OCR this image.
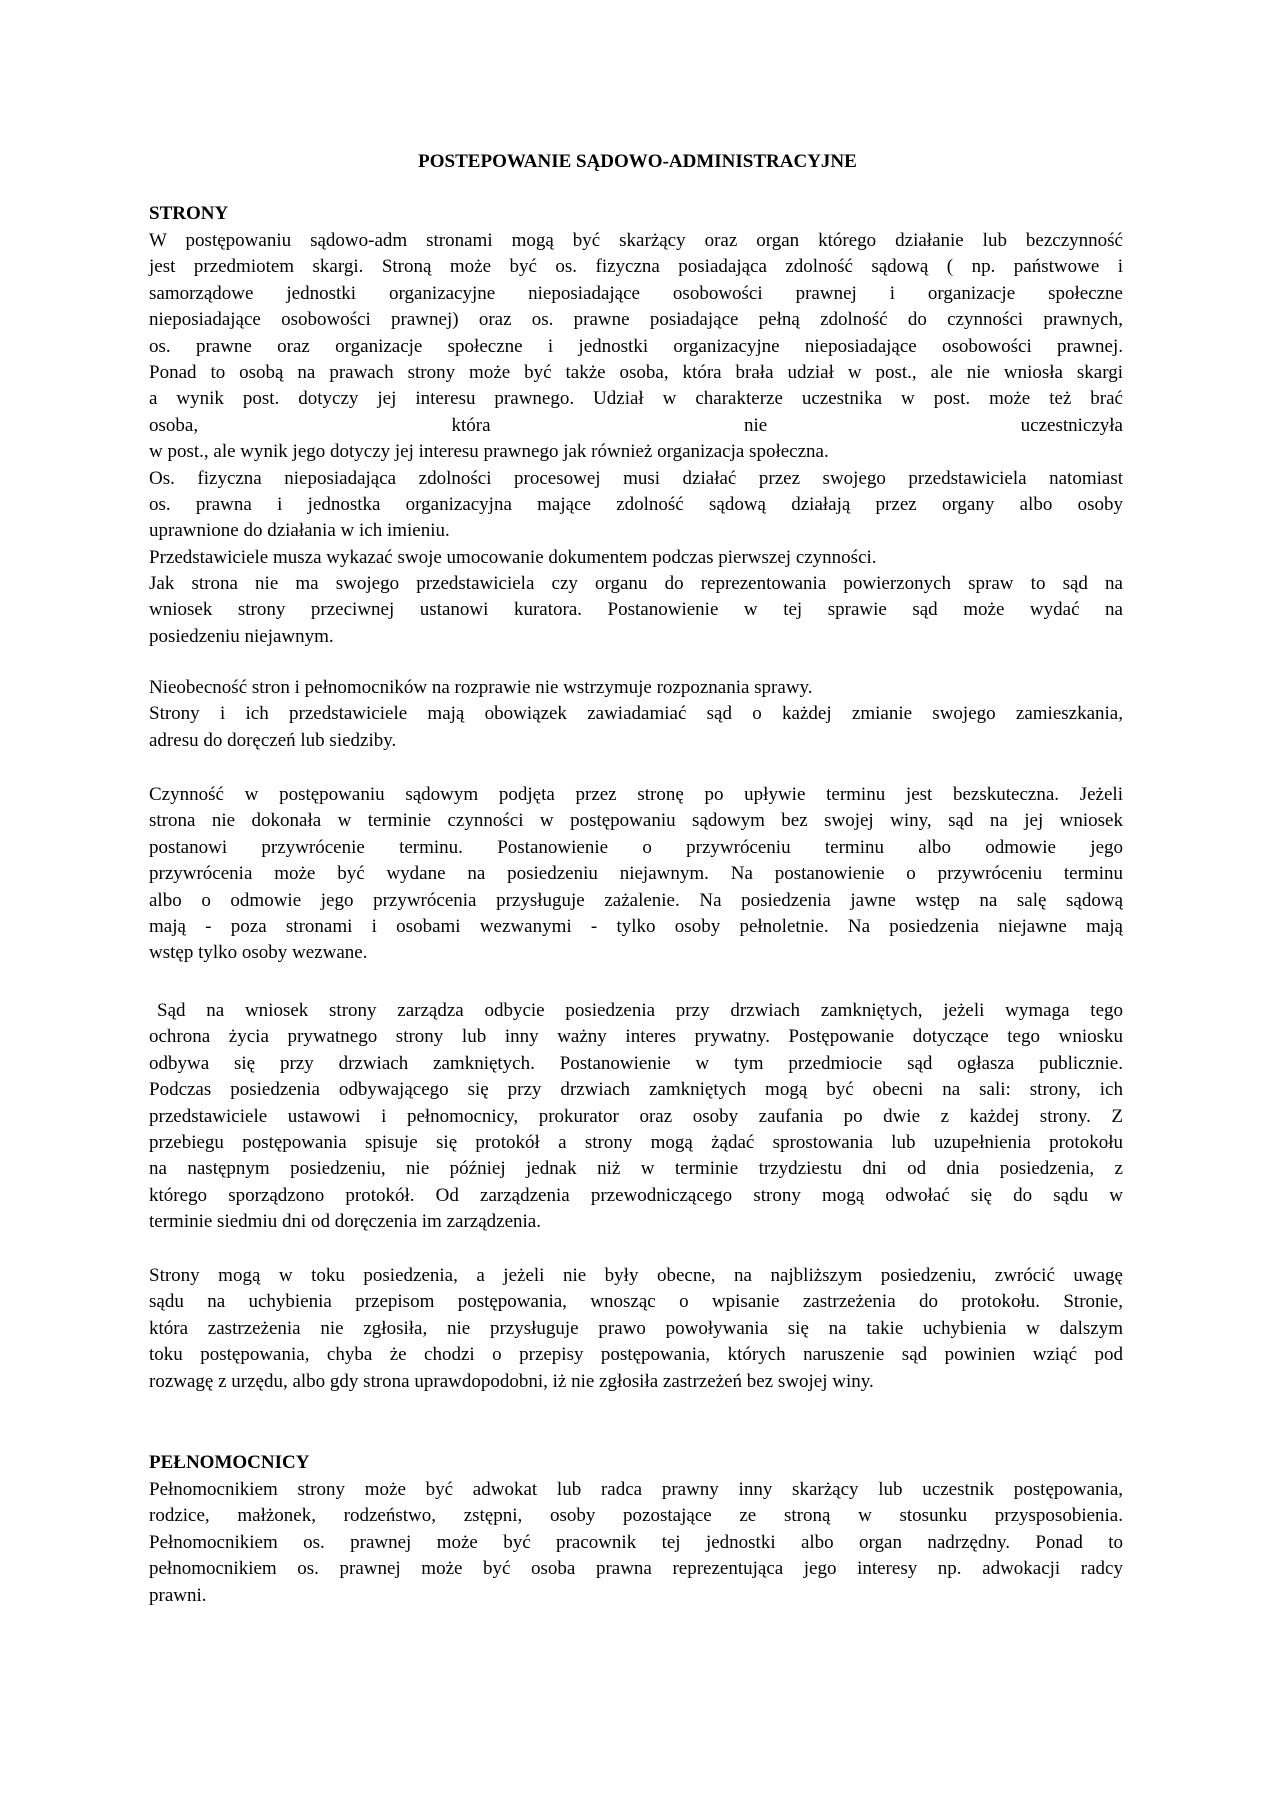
POSTEPOWANIE SĄDOWO-ADMINISTRACYJNE
STRONY
W postępowaniu sądowo-adm stronami mogą być skarżący oraz organ którego działanie lub bezczynność
jest przedmiotem skargi. Stroną może być os. fizyczna posiadająca zdolność sądową ( np. państwowe i
samorządowe jednostki organizacyjne nieposiadające osobowości prawnej i organizacje społeczne
nieposiadające osobowości prawnej) oraz os. prawne posiadające pełną zdolność do czynności prawnych,
os. prawne oraz organizacje społeczne i jednostki organizacyjne nieposiadające osobowości prawnej.
Ponad to osobą na prawach strony może być także osoba, która brała udział w post., ale nie wniosła skargi
a wynik post. dotyczy jej interesu prawnego. Udział w charakterze uczestnika w post. może też brać
osoba, która nie uczestniczyła
w post., ale wynik jego dotyczy jej interesu prawnego jak również organizacja społeczna.
Os. fizyczna nieposiadająca zdolności procesowej musi działać przez swojego przedstawiciela natomiast
os. prawna i jednostka organizacyjna mające zdolność sądową działają przez organy albo osoby
uprawnione do działania w ich imieniu.
Przedstawiciele musza wykazać swoje umocowanie dokumentem podczas pierwszej czynności.
Jak strona nie ma swojego przedstawiciela czy organu do reprezentowania powierzonych spraw to sąd na
wniosek strony przeciwnej ustanowi kuratora. Postanowienie w tej sprawie sąd może wydać na
posiedzeniu niejawnym.
Nieobecność stron i pełnomocników na rozprawie nie wstrzymuje rozpoznania sprawy.
Strony i ich przedstawiciele mają obowiązek zawiadamiać sąd o każdej zmianie swojego zamieszkania,
adresu do doręczeń lub siedziby.
Czynność w postępowaniu sądowym podjęta przez stronę po upływie terminu jest bezskuteczna. Jeżeli
strona nie dokonała w terminie czynności w postępowaniu sądowym bez swojej winy, sąd na jej wniosek
postanowi przywrócenie terminu. Postanowienie o przywróceniu terminu albo odmowie jego
przywrócenia może być wydane na posiedzeniu niejawnym. Na postanowienie o przywróceniu terminu
albo o odmowie jego przywrócenia przysługuje zażalenie. Na posiedzenia jawne wstęp na salę sądową
mają - poza stronami i osobami wezwanymi - tylko osoby pełnoletnie. Na posiedzenia niejawne mają
wstęp tylko osoby wezwane.
Sąd na wniosek strony zarządza odbycie posiedzenia przy drzwiach zamkniętych, jeżeli wymaga tego
ochrona życia prywatnego strony lub inny ważny interes prywatny. Postępowanie dotyczące tego wniosku
odbywa się przy drzwiach zamkniętych. Postanowienie w tym przedmiocie sąd ogłasza publicznie.
Podczas posiedzenia odbywającego się przy drzwiach zamkniętych mogą być obecni na sali: strony, ich
przedstawiciele ustawowi i pełnomocnicy, prokurator oraz osoby zaufania po dwie z każdej strony. Z
przebiegu postępowania spisuje się protokół a strony mogą żądać sprostowania lub uzupełnienia protokołu
na następnym posiedzeniu, nie później jednak niż w terminie trzydziestu dni od dnia posiedzenia, z
którego sporządzono protokół. Od zarządzenia przewodniczącego strony mogą odwołać się do sądu w
terminie siedmiu dni od doręczenia im zarządzenia.
Strony mogą w toku posiedzenia, a jeżeli nie były obecne, na najbliższym posiedzeniu, zwrócić uwagę
sądu na uchybienia przepisom postępowania, wnosząc o wpisanie zastrzeżenia do protokołu. Stronie,
która zastrzeżenia nie zgłosiła, nie przysługuje prawo powoływania się na takie uchybienia w dalszym
toku postępowania, chyba że chodzi o przepisy postępowania, których naruszenie sąd powinien wziąć pod
rozwagę z urzędu, albo gdy strona uprawdopodobni, iż nie zgłosiła zastrzeżeń bez swojej winy.
PEŁNOMOCNICY
Pełnomocnikiem strony może być adwokat lub radca prawny inny skarżący lub uczestnik postępowania,
rodzice, małżonek, rodzeństwo, zstępni, osoby pozostające ze stroną w stosunku przysposobienia.
Pełnomocnikiem os. prawnej może być pracownik tej jednostki albo organ nadrzędny. Ponad to
pełnomocnikiem os. prawnej może być osoba prawna reprezentująca jego interesy np. adwokacji radcy
prawni.
